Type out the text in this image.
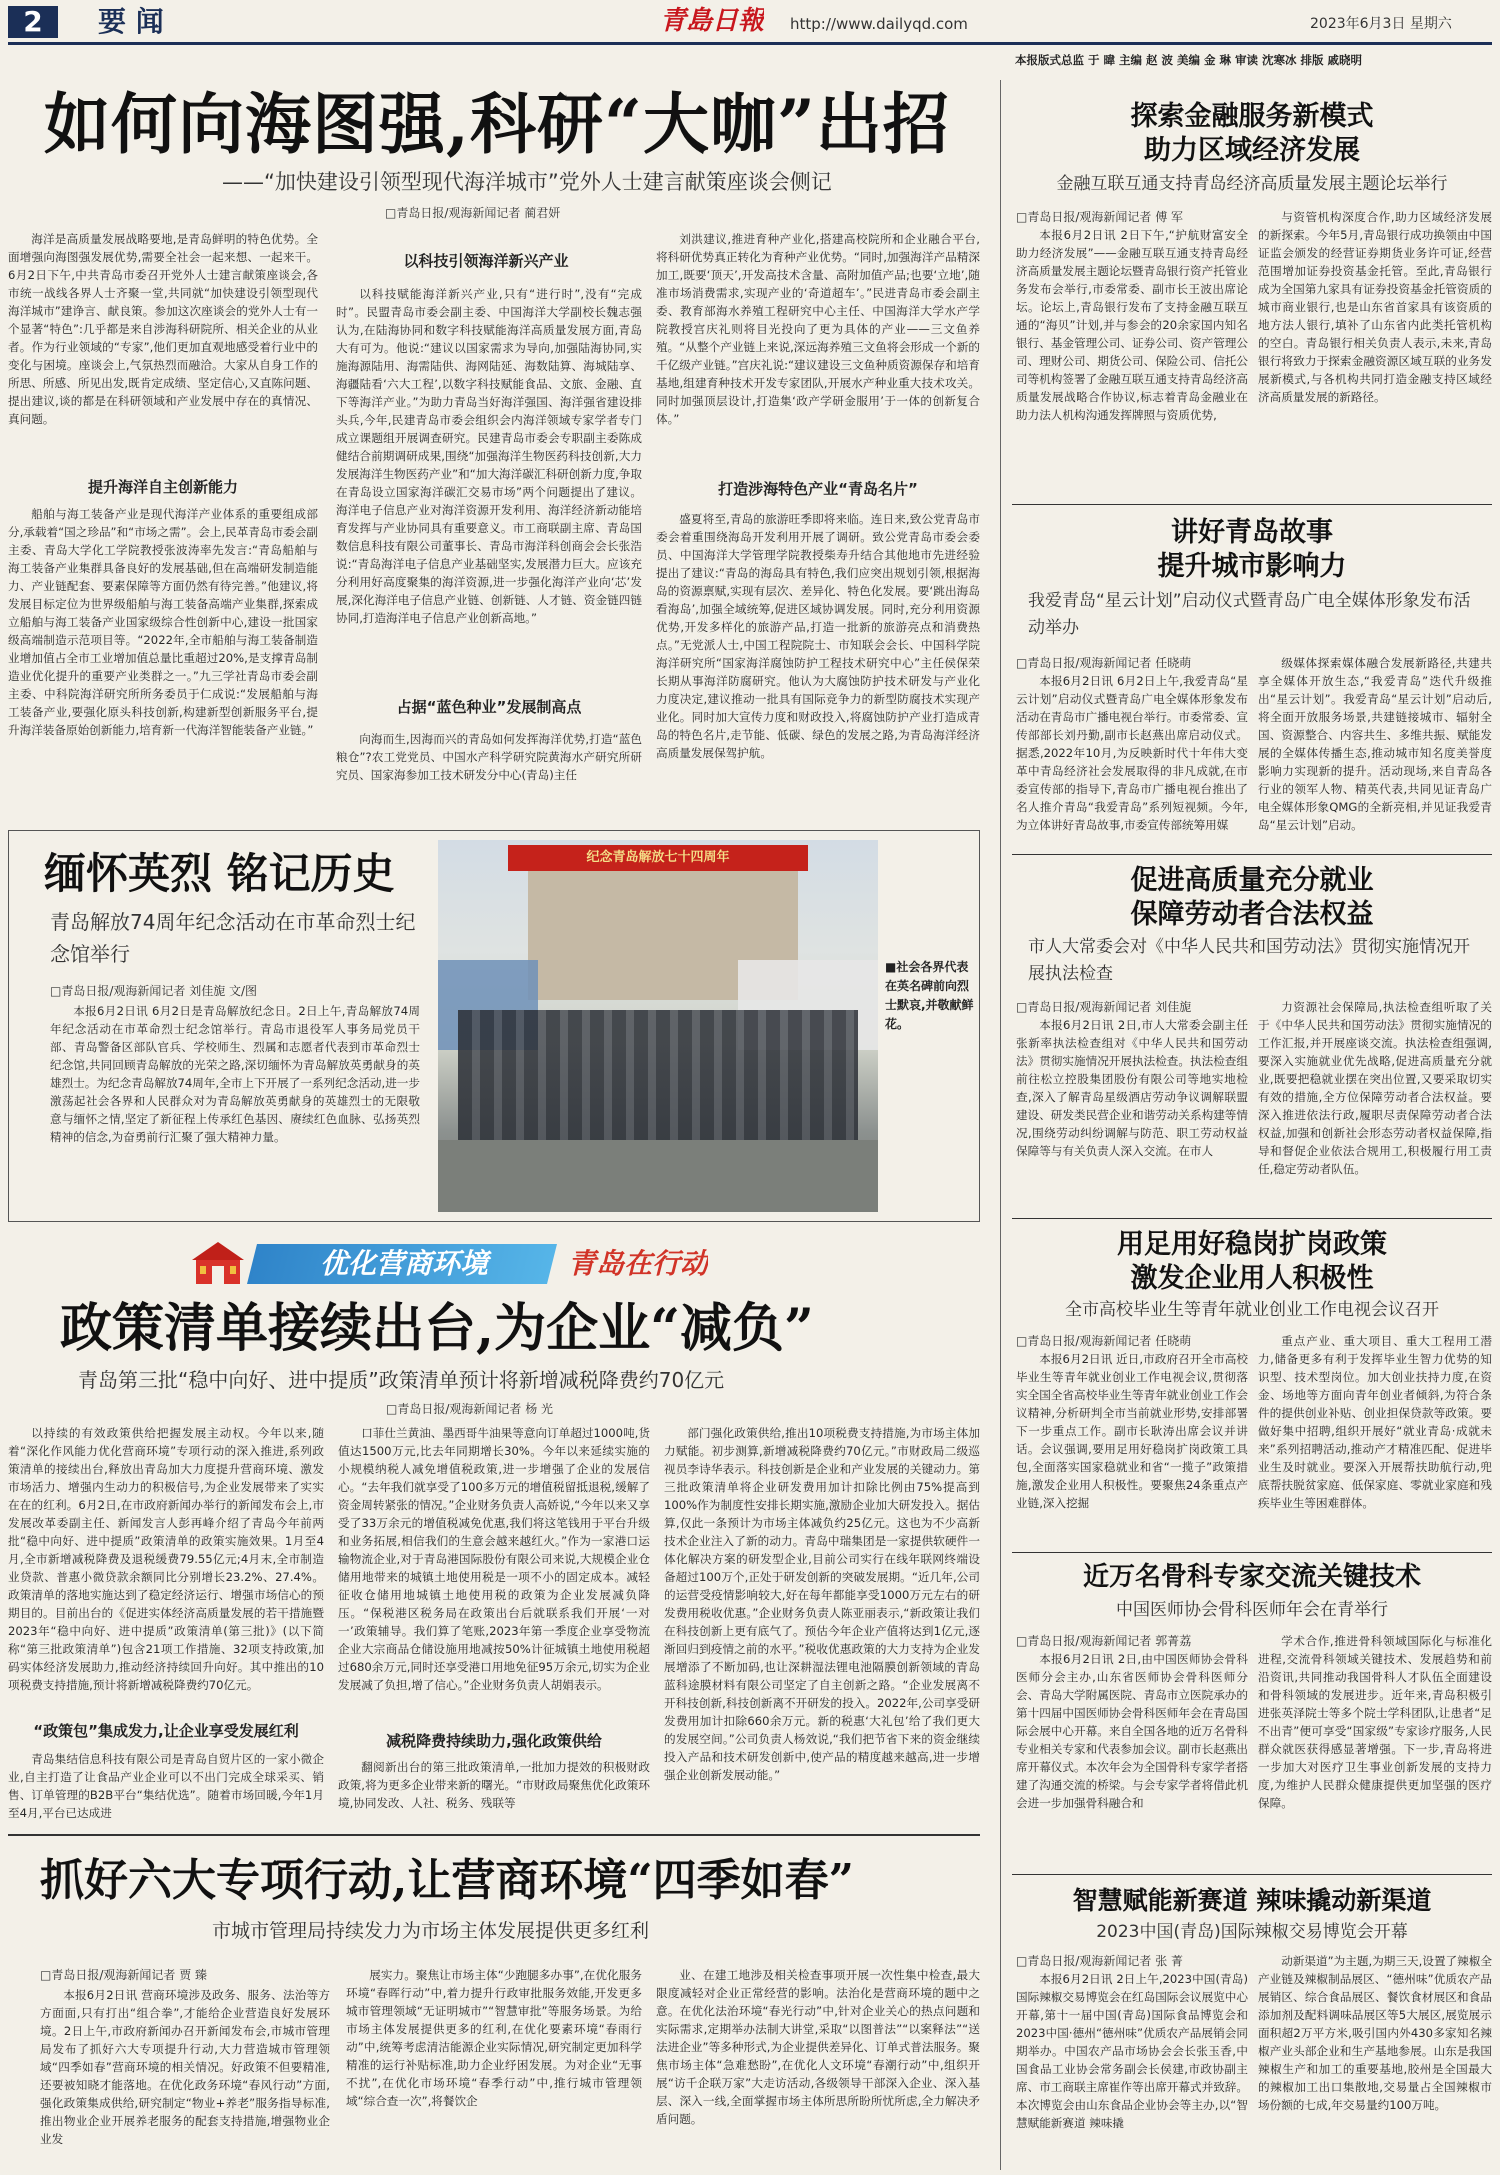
2	要 闻	青島日報 http://www.dailyqd.com	2023年6月3日 星期六
本报版式总监 于 暐 主编 赵 波 美编 金 琳 审读 沈寒冰 排版 戚晓明
如何向海图强,科研“大咖”出招
——“加快建设引领型现代海洋城市”党外人士建言献策座谈会侧记
□青岛日报/观海新闻记者 蔺君妍

海洋是高质量发展战略要地,是青岛鲜明的特色优势。全面增强向海图强发展优势,需要全社会一起来想、一起来干。6月2日下午,中共青岛市委召开党外人士建言献策座谈会,各市统一战线各界人士齐聚一堂,共同就“加快建设引领型现代海洋城市”建诤言、献良策。参加这次座谈会的党外人士有一个显著“特色”:几乎都是来自涉海科研院所、相关企业的从业者。作为行业领域的“专家”,他们更加直观地感受着行业中的变化与困境。座谈会上,气氛热烈而融洽。大家从自身工作的所思、所感、所见出发,既肯定成绩、坚定信心,又直陈问题、提出建议,谈的都是在科研领域和产业发展中存在的真情况、真问题。

提升海洋自主创新能力

船舶与海工装备产业是现代海洋产业体系的重要组成部分,承载着“国之珍品”和“市场之需”。会上,民革青岛市委会副主委、青岛大学化工学院教授张波涛率先发言:“青岛船舶与海工装备产业集群具备良好的发展基础,但在高端研发制造能力、产业链配套、要素保障等方面仍然有待完善。”他建议,将发展目标定位为世界级船舶与海工装备高端产业集群,探索成立船舶与海工装备产业国家级综合性创新中心,建设一批国家级高端制造示范项目等。“2022年,全市船舶与海工装备制造业增加值占全市工业增加值总量比重超过20%,是支撑青岛制造业优化提升的重要产业类群之一。”九三学社青岛市委会副主委、中科院海洋研究所所务委员于仁成说:“发展船舶与海工装备产业,要强化原头科技创新,构建新型创新服务平台,提升海洋装备原始创新能力,培育新一代海洋智能装备产业链。”

以科技引领海洋新兴产业

以科技赋能海洋新兴产业,只有“进行时”,没有“完成时”。民盟青岛市委会副主委、中国海洋大学副校长魏志强认为,在陆海协同和数字科技赋能海洋高质量发展方面,青岛大有可为。他说:“建议以国家需求为导向,加强陆海协同,实施海源陆用、海需陆供、海网陆延、海数陆算、海城陆享、海疆陆看‘六大工程’,以数字科技赋能食品、文旅、金融、直下等海洋产业。”为助力青岛当好海洋强国、海洋强省建设排头兵,今年,民建青岛市委会组织会内海洋领域专家学者专门成立课题组开展调查研究。民建青岛市委会专职副主委陈成健结合前期调研成果,围绕“加强海洋生物医药科技创新,大力发展海洋生物医药产业”和“加大海洋碳汇科研创新力度,争取在青岛设立国家海洋碳汇交易市场”两个问题提出了建议。海洋电子信息产业对海洋资源开发利用、海洋经济新动能培育发挥与产业协同具有重要意义。市工商联副主席、青岛国数信息科技有限公司董事长、青岛市海洋科创商会会长张浩说:“青岛海洋电子信息产业基础坚实,发展潜力巨大。应该充分利用好高度聚集的海洋资源,进一步强化海洋产业向‘芯’发展,深化海洋电子信息产业链、创新链、人才链、资金链四链协同,打造海洋电子信息产业创新高地。”

占据“蓝色种业”发展制高点

向海而生,因海而兴的青岛如何发挥海洋优势,打造“蓝色粮仓”?农工党党员、中国水产科学研究院黄海水产研究所研究员、国家海参加工技术研发分中心(青岛)主任

刘洪建议,推进育种产业化,搭建高校院所和企业融合平台,将科研优势真正转化为育种产业优势。“同时,加强海洋产品精深加工,既要‘顶天’,开发高技术含量、高附加值产品;也要‘立地’,随准市场消费需求,实现产业的‘奇道超车’。”民进青岛市委会副主委、教育部海水养殖工程研究中心主任、中国海洋大学水产学院教授宫庆礼则将目光投向了更为具体的产业——三文鱼养殖。“从整个产业链上来说,深远海养殖三文鱼将会形成一个新的千亿级产业链。”宫庆礼说:“建议建设三文鱼种质资源保存和培育基地,组建育种技术开发专家团队,开展水产种业重大技术攻关。同时加强顶层设计,打造集‘政产学研金服用’于一体的创新复合体。”

打造涉海特色产业“青岛名片”

盛夏将至,青岛的旅游旺季即将来临。连日来,致公党青岛市委会着重围绕海岛开发利用开展了调研。致公党青岛市委会委员、中国海洋大学管理学院教授柴寿升结合其他地市先进经验提出了建议:“青岛的海岛具有特色,我们应突出规划引领,根据海岛的资源禀赋,实现有层次、差异化、特色化发展。要‘跳出海岛看海岛’,加强全域统筹,促进区域协调发展。同时,充分利用资源优势,开发多样化的旅游产品,打造一批新的旅游亮点和消费热点。”无党派人士,中国工程院院士、市知联会会长、中国科学院海洋研究所“国家海洋腐蚀防护工程技术研究中心”主任侯保荣长期从事海洋防腐研究。他认为大腐蚀防护技术研发与产业化力度决定,建议推动一批具有国际竞争力的新型防腐技术实现产业化。同时加大宣传力度和财政投入,将腐蚀防护产业打造成青岛的特色名片,走节能、低碳、绿色的发展之路,为青岛海洋经济高质量发展保驾护航。

缅怀英烈 铭记历史
青岛解放74周年纪念活动在市革命烈士纪念馆举行
□青岛日报/观海新闻记者 刘佳旎 文/图

本报6月2日讯 6月2日是青岛解放纪念日。2日上午,青岛解放74周年纪念活动在市革命烈士纪念馆举行。青岛市退役军人事务局党员干部、青岛警备区部队官兵、学校师生、烈属和志愿者代表到市革命烈士纪念馆,共同回顾青岛解放的光荣之路,深切缅怀为青岛解放英勇献身的英雄烈士。为纪念青岛解放74周年,全市上下开展了一系列纪念活动,进一步激荡起社会各界和人民群众对为青岛解放英勇献身的英雄烈士的无限敬意与缅怀之情,坚定了新征程上传承红色基因、赓续红色血脉、弘扬英烈精神的信念,为奋勇前行汇聚了强大精神力量。

纪念青岛解放七十四周年
■社会各界代表在英名碑前向烈士默哀,并敬献鲜花。
优化营商环境	青岛在行动
政策清单接续出台,为企业“减负”
青岛第三批“稳中向好、进中提质”政策清单预计将新增减税降费约70亿元
□青岛日报/观海新闻记者 杨 光

以持续的有效政策供给把握发展主动权。今年以来,随着“深化作风能力优化营商环境”专项行动的深入推进,系列政策清单的接续出台,释放出青岛加大力度提升营商环境、激发市场活力、增强内生动力的积极信号,为企业发展带来了实实在在的红利。6月2日,在市政府新闻办举行的新闻发布会上,市发展改革委副主任、新闻发言人彭再峰介绍了青岛今年前两批“稳中向好、进中提质”政策清单的政策实施效果。1月至4月,全市新增减税降费及退税缓费79.55亿元;4月末,全市制造业贷款、普惠小微贷款余额同比分别增长23.2%、27.4%。政策清单的落地实施达到了稳定经济运行、增强市场信心的预期目的。目前出台的《促进实体经济高质量发展的若干措施暨2023年“稳中向好、进中提质”政策清单(第三批)》(以下简称“第三批政策清单”)包含21项工作措施、32项支持政策,加码实体经济发展助力,推动经济持续回升向好。其中推出的10项税费支持措施,预计将新增减税降费约70亿元。

“政策包”集成发力,让企业享受发展红利

青岛集结信息科技有限公司是青岛自贸片区的一家小微企业,自主打造了让食品产业企业可以不出门完成全球采买、销售、订单管理的B2B平台“集结优选”。随着市场回暖,今年1月至4月,平台已达成进

口菲仕兰黄油、墨西哥牛油果等意向订单超过1000吨,货值达1500万元,比去年同期增长30%。今年以来延续实施的小规模纳税人减免增值税政策,进一步增强了企业的发展信心。“去年我们就享受了100多万元的增值税留抵退税,缓解了资金周转紧张的情况。”企业财务负责人高娇说,“今年以来又享受了33万余元的增值税减免优惠,我们将这笔钱用于平台升级和业务拓展,相信我们的生意会越来越红火。”作为一家港口运输物流企业,对于青岛港国际股份有限公司来说,大规模企业仓储用地带来的城镇土地使用税是一项不小的固定成本。减轻征收仓储用地城镇土地使用税的政策为企业发展减负降压。“保税港区税务局在政策出台后就联系我们开展‘一对一’政策辅导。我们算了笔账,2023年第一季度企业享受物流企业大宗商品仓储设施用地减按50%计征城镇土地使用税超过680余万元,同时还享受港口用地免征95万余元,切实为企业发展减了负担,增了信心。”企业财务负责人胡娟表示。

减税降费持续助力,强化政策供给

翻阅新出台的第三批政策清单,一批加力提效的积极财政政策,将为更多企业带来新的曙光。“市财政局聚焦优化政策环境,协同发改、人社、税务、残联等

部门强化政策供给,推出10项税费支持措施,为市场主体加力赋能。初步测算,新增减税降费约70亿元。”市财政局二级巡视员李诗华表示。科技创新是企业和产业发展的关键动力。第三批政策清单将企业研发费用加计扣除比例由75%提高到100%作为制度性安排长期实施,激励企业加大研发投入。据估算,仅此一条预计为市场主体减负约25亿元。这也为不少高新技术企业注入了新的动力。青岛中瑞集团是一家提供软硬件一体化解决方案的研发型企业,目前公司实行在线年联网终端设备超过100万个,正处于研发创新的突破发展期。“近几年,公司的运营受疫情影响较大,好在每年都能享受1000万元左右的研发费用税收优惠。”企业财务负责人陈亚丽表示,“新政策让我们在科技创新上更有底气了。预估今年企业产值将达到1亿元,逐渐回归到疫情之前的水平。”税收优惠政策的大力支持为企业发展增添了不断加码,也让深耕湿法锂电池隔膜创新领域的青岛蓝科途膜材料有限公司坚定了自主创新之路。“企业发展离不开科技创新,科技创新离不开研发的投入。2022年,公司享受研发费用加计扣除660余万元。新的税惠‘大礼包’给了我们更大的发展空间。”公司负责人杨效说,“我们把节省下来的资金继续投入产品和技术研发创新中,使产品的精度越来越高,进一步增强企业创新发展动能。”

抓好六大专项行动,让营商环境“四季如春”
市城市管理局持续发力为市场主体发展提供更多红利
□青岛日报/观海新闻记者 贾 臻

本报6月2日讯 营商环境涉及政务、服务、法治等方方面面,只有打出“组合拳”,才能给企业营造良好发展环境。2日上午,市政府新闻办召开新闻发布会,市城市管理局发布了抓好六大专项提升行动,大力营造城市管理领域“四季如春”营商环境的相关情况。好政策不但要精准,还要被知晓才能落地。在优化政务环境“春风行动”方面,强化政策集成供给,研究制定“物业+养老”服务指导标准,推出物业企业开展养老服务的配套支持措施,增强物业企业发

展实力。聚焦让市场主体“少跑腿多办事”,在优化服务环境“春晖行动”中,着力提升行政审批服务效能,开发更多城市管理领域“无证明城市”“智慧审批”等服务场景。为给市场主体发展提供更多的红利,在优化要素环境“春雨行动”中,统筹考虑清洁能源企业实际情况,研究制定更加科学精准的运行补贴标准,助力企业纾困发展。为对企业“无事不扰”,在优化市场环境“春季行动”中,推行城市管理领域“综合查一次”,将餐饮企

业、在建工地涉及相关检查事项开展一次性集中检查,最大限度减轻对企业正常经营的影响。法治化是营商环境的题中之意。在优化法治环境“春光行动”中,针对企业关心的热点问题和实际需求,定期举办法制大讲堂,采取“以图普法”“以案释法”“送法进企业”等多种形式,为企业提供差异化、订单式普法服务。聚焦市场主体“急难愁盼”,在优化人文环境“春潮行动”中,组织开展“访千企联万家”大走访活动,各级领导干部深入企业、深入基层、深入一线,全面掌握市场主体所思所盼所忧所虑,全力解决矛盾问题。

探索金融服务新模式
助力区域经济发展
金融互联互通支持青岛经济高质量发展主题论坛举行
□青岛日报/观海新闻记者 傅 军

本报6月2日讯 2日下午,“护航财富安全 助力经济发展”——金融互联互通支持青岛经济高质量发展主题论坛暨青岛银行资产托管业务发布会举行,市委常委、副市长王波出席论坛。论坛上,青岛银行发布了支持金融互联互通的“海贝”计划,并与参会的20余家国内知名银行、基金管理公司、证券公司、资产管理公司、理财公司、期货公司、保险公司、信托公司等机构签署了金融互联互通支持青岛经济高质量发展战略合作协议,标志着青岛金融业在助力法人机构沟通发挥牌照与资质优势,

与资管机构深度合作,助力区域经济发展的新探索。今年5月,青岛银行成功换领由中国证监会颁发的经营证券期货业务许可证,经营范围增加证券投资基金托管。至此,青岛银行成为全国第九家具有证券投资基金托管资质的城市商业银行,也是山东省首家具有该资质的地方法人银行,填补了山东省内此类托管机构的空白。青岛银行相关负责人表示,未来,青岛银行将致力于探索金融资源区域互联的业务发展新模式,与各机构共同打造金融支持区域经济高质量发展的新路径。

讲好青岛故事
提升城市影响力
我爱青岛“星云计划”启动仪式暨青岛广电全媒体形象发布活动举办
□青岛日报/观海新闻记者 任晓萌

本报6月2日讯 6月2日上午,我爱青岛“星云计划”启动仪式暨青岛广电全媒体形象发布活动在青岛市广播电视台举行。市委常委、宣传部部长刘丹勤,副市长赵燕出席启动仪式。据悉,2022年10月,为反映新时代十年伟大变革中青岛经济社会发展取得的非凡成就,在市委宣传部的指导下,青岛市广播电视台推出了名人推介青岛“我爱青岛”系列短视频。今年,为立体讲好青岛故事,市委宣传部统筹用媒

级媒体探索媒体融合发展新路径,共建共享全媒体开放生态,“我爱青岛”迭代升级推出“星云计划”。我爱青岛“星云计划”启动后,将全面开放服务场景,共建链接城市、辐射全国、资源整合、内容共生、多维共振、赋能发展的全媒体传播生态,推动城市知名度美誉度影响力实现新的提升。活动现场,来自青岛各行业的领军人物、精英代表,共同见证青岛广电全媒体形象QMG的全新亮相,并见证我爱青岛“星云计划”启动。

促进高质量充分就业
保障劳动者合法权益
市人大常委会对《中华人民共和国劳动法》贯彻实施情况开展执法检查
□青岛日报/观海新闻记者 刘佳旎

本报6月2日讯 2日,市人大常委会副主任张新率执法检查组对《中华人民共和国劳动法》贯彻实施情况开展执法检查。执法检查组前往松立控股集团股份有限公司等地实地检查,深入了解青岛星级酒店劳动争议调解联盟建设、研发类民营企业和谐劳动关系构建等情况,围绕劳动纠纷调解与防范、职工劳动权益保障等与有关负责人深入交流。在市人

力资源社会保障局,执法检查组听取了关于《中华人民共和国劳动法》贯彻实施情况的工作汇报,并开展座谈交流。执法检查组强调,要深入实施就业优先战略,促进高质量充分就业,既要把稳就业摆在突出位置,又要采取切实有效的措施,全方位保障劳动者合法权益。要深入推进依法行政,履职尽责保障劳动者合法权益,加强和创新社会形态劳动者权益保障,指导和督促企业依法合规用工,积极履行用工责任,稳定劳动者队伍。

用足用好稳岗扩岗政策
激发企业用人积极性
全市高校毕业生等青年就业创业工作电视会议召开
□青岛日报/观海新闻记者 任晓萌

本报6月2日讯 近日,市政府召开全市高校毕业生等青年就业创业工作电视会议,贯彻落实全国全省高校毕业生等青年就业创业工作会议精神,分析研判全市当前就业形势,安排部署下一步重点工作。副市长耿涛出席会议并讲话。会议强调,要用足用好稳岗扩岗政策工具包,全面落实国家稳就业和省“一揽子”政策措施,激发企业用人积极性。要聚焦24条重点产业链,深入挖掘

重点产业、重大项目、重大工程用工潜力,储备更多有利于发挥毕业生智力优势的知识型、技术型岗位。加大创业扶持力度,在资金、场地等方面向青年创业者倾斜,为符合条件的提供创业补贴、创业担保贷款等政策。要做好集中招聘,组织开展好“就业青岛·成就未来”系列招聘活动,推动产才精准匹配、促进毕业生及时就业。要深入开展帮扶助航行动,兜底帮扶脱贫家庭、低保家庭、零就业家庭和残疾毕业生等困难群体。

近万名骨科专家交流关键技术
中国医师协会骨科医师年会在青举行
□青岛日报/观海新闻记者 郭菁荔

本报6月2日讯 2日,由中国医师协会骨科医师分会主办,山东省医师协会骨科医师分会、青岛大学附属医院、青岛市立医院承办的第十四届中国医师协会骨科医师年会在青岛国际会展中心开幕。来自全国各地的近万名骨科专业相关专家和代表参加会议。副市长赵燕出席开幕仪式。本次年会为全国骨科专家学者搭建了沟通交流的桥梁。与会专家学者将借此机会进一步加强骨科融合和

学术合作,推进骨科领域国际化与标准化进程,交流骨科领域关键技术、发展趋势和前沿资讯,共同推动我国骨科人才队伍全面建设和骨科领域的发展进步。近年来,青岛积极引进张英泽院士等多个院士学科团队,让患者“足不出青”便可享受“国家级”专家诊疗服务,人民群众就医获得感显著增强。下一步,青岛将进一步加大对医疗卫生事业创新发展的支持力度,为维护人民群众健康提供更加坚强的医疗保障。

智慧赋能新赛道 辣味撬动新渠道
2023中国(青岛)国际辣椒交易博览会开幕
□青岛日报/观海新闻记者 张 菁

本报6月2日讯 2日上午,2023中国(青岛)国际辣椒交易博览会在红岛国际会议展览中心开幕,第十一届中国(青岛)国际食品博览会和2023中国·德州“德州味”优质农产品展销会同期举办。中国农产品市场协会会长张玉香,中国食品工业协会常务副会长侯建,市政协副主席、市工商联主席崔作等出席开幕式并致辞。本次博览会由山东食品企业协会等主办,以“智慧赋能新赛道 辣味撬

动新渠道”为主题,为期三天,设置了辣椒全产业链及辣椒制品展区、“德州味”优质农产品展销区、综合食品展区、餐饮食材展区和食品添加剂及配料调味品展区等5大展区,展览展示面积超2万平方米,吸引国内外430多家知名辣椒产业头部企业和生产基地参展。山东是我国辣椒生产和加工的重要基地,胶州是全国最大的辣椒加工出口集散地,交易量占全国辣椒市场份额的七成,年交易量约100万吨。
